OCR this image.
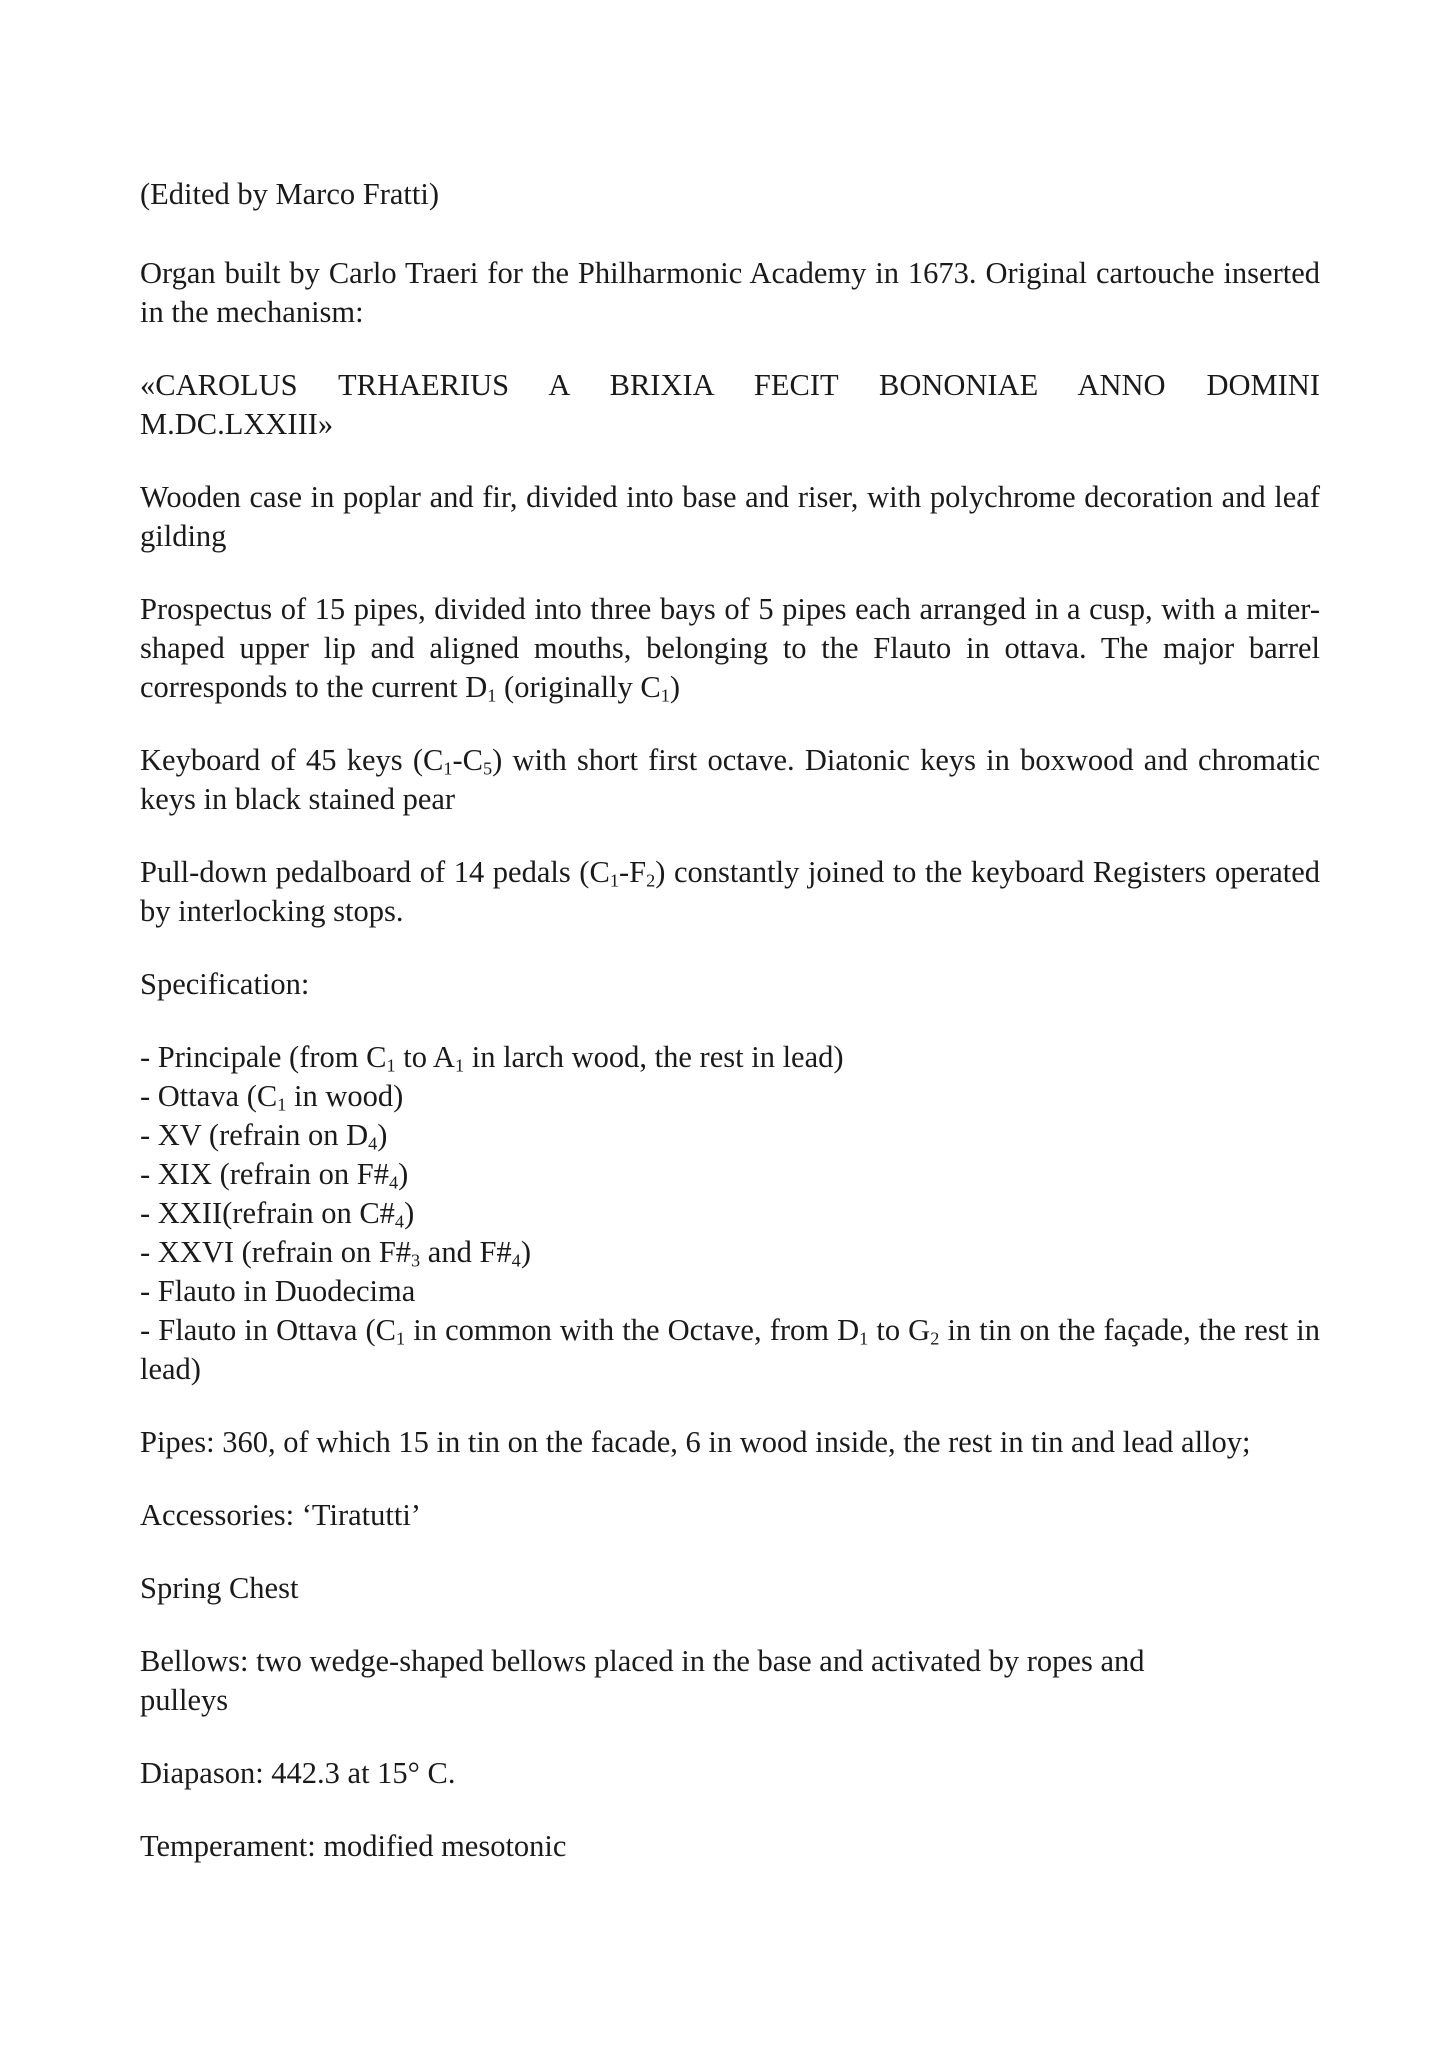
(Edited by Marco Fratti)

Organ built by Carlo Traeri for the Philharmonic Academy in 1673. Original cartouche inserted in the mechanism:

«CAROLUS TRHAERIUS A BRIXIA FECIT BONONIAE ANNO DOMINI M.DC.LXXIII»

Wooden case in poplar and fir, divided into base and riser, with polychrome decoration and leaf gilding

Prospectus of 15 pipes, divided into three bays of 5 pipes each arranged in a cusp, with a miter-shaped upper lip and aligned mouths, belonging to the Flauto in ottava. The major barrel corresponds to the current $D_1$ (originally $C_1$)

Keyboard of 45 keys $(C_1-C_5)$ with short first octave. Diatonic keys in boxwood and chromatic keys in black stained pear

Pull-down pedalboard of 14 pedals $(C_1-F_2)$ constantly joined to the keyboard Registers operated by interlocking stops.

Specification:

- Principale (from $C_1$ to $A_1$ in larch wood, the rest in lead)
- Ottava ($C_1$ in wood)
- XV (refrain on $D_4$)
- XIX (refrain on $F\#_4$)
- XXII(refrain on $C\#_4$)
- XXVI (refrain on $F\#_3$ and $F\#_4$)
- Flauto in Duodecima
- Flauto in Ottava ($C_1$ in common with the Octave, from $D_1$ to $G_2$ in tin on the façade, the rest in lead)

Pipes: 360, of which 15 in tin on the facade, 6 in wood inside, the rest in tin and lead alloy;

Accessories: ‘Tiratutti’

Spring Chest

Bellows: two wedge-shaped bellows placed in the base and activated by ropes and pulleys

Diapason: 442.3 at 15° C.

Temperament: modified mesotonic
